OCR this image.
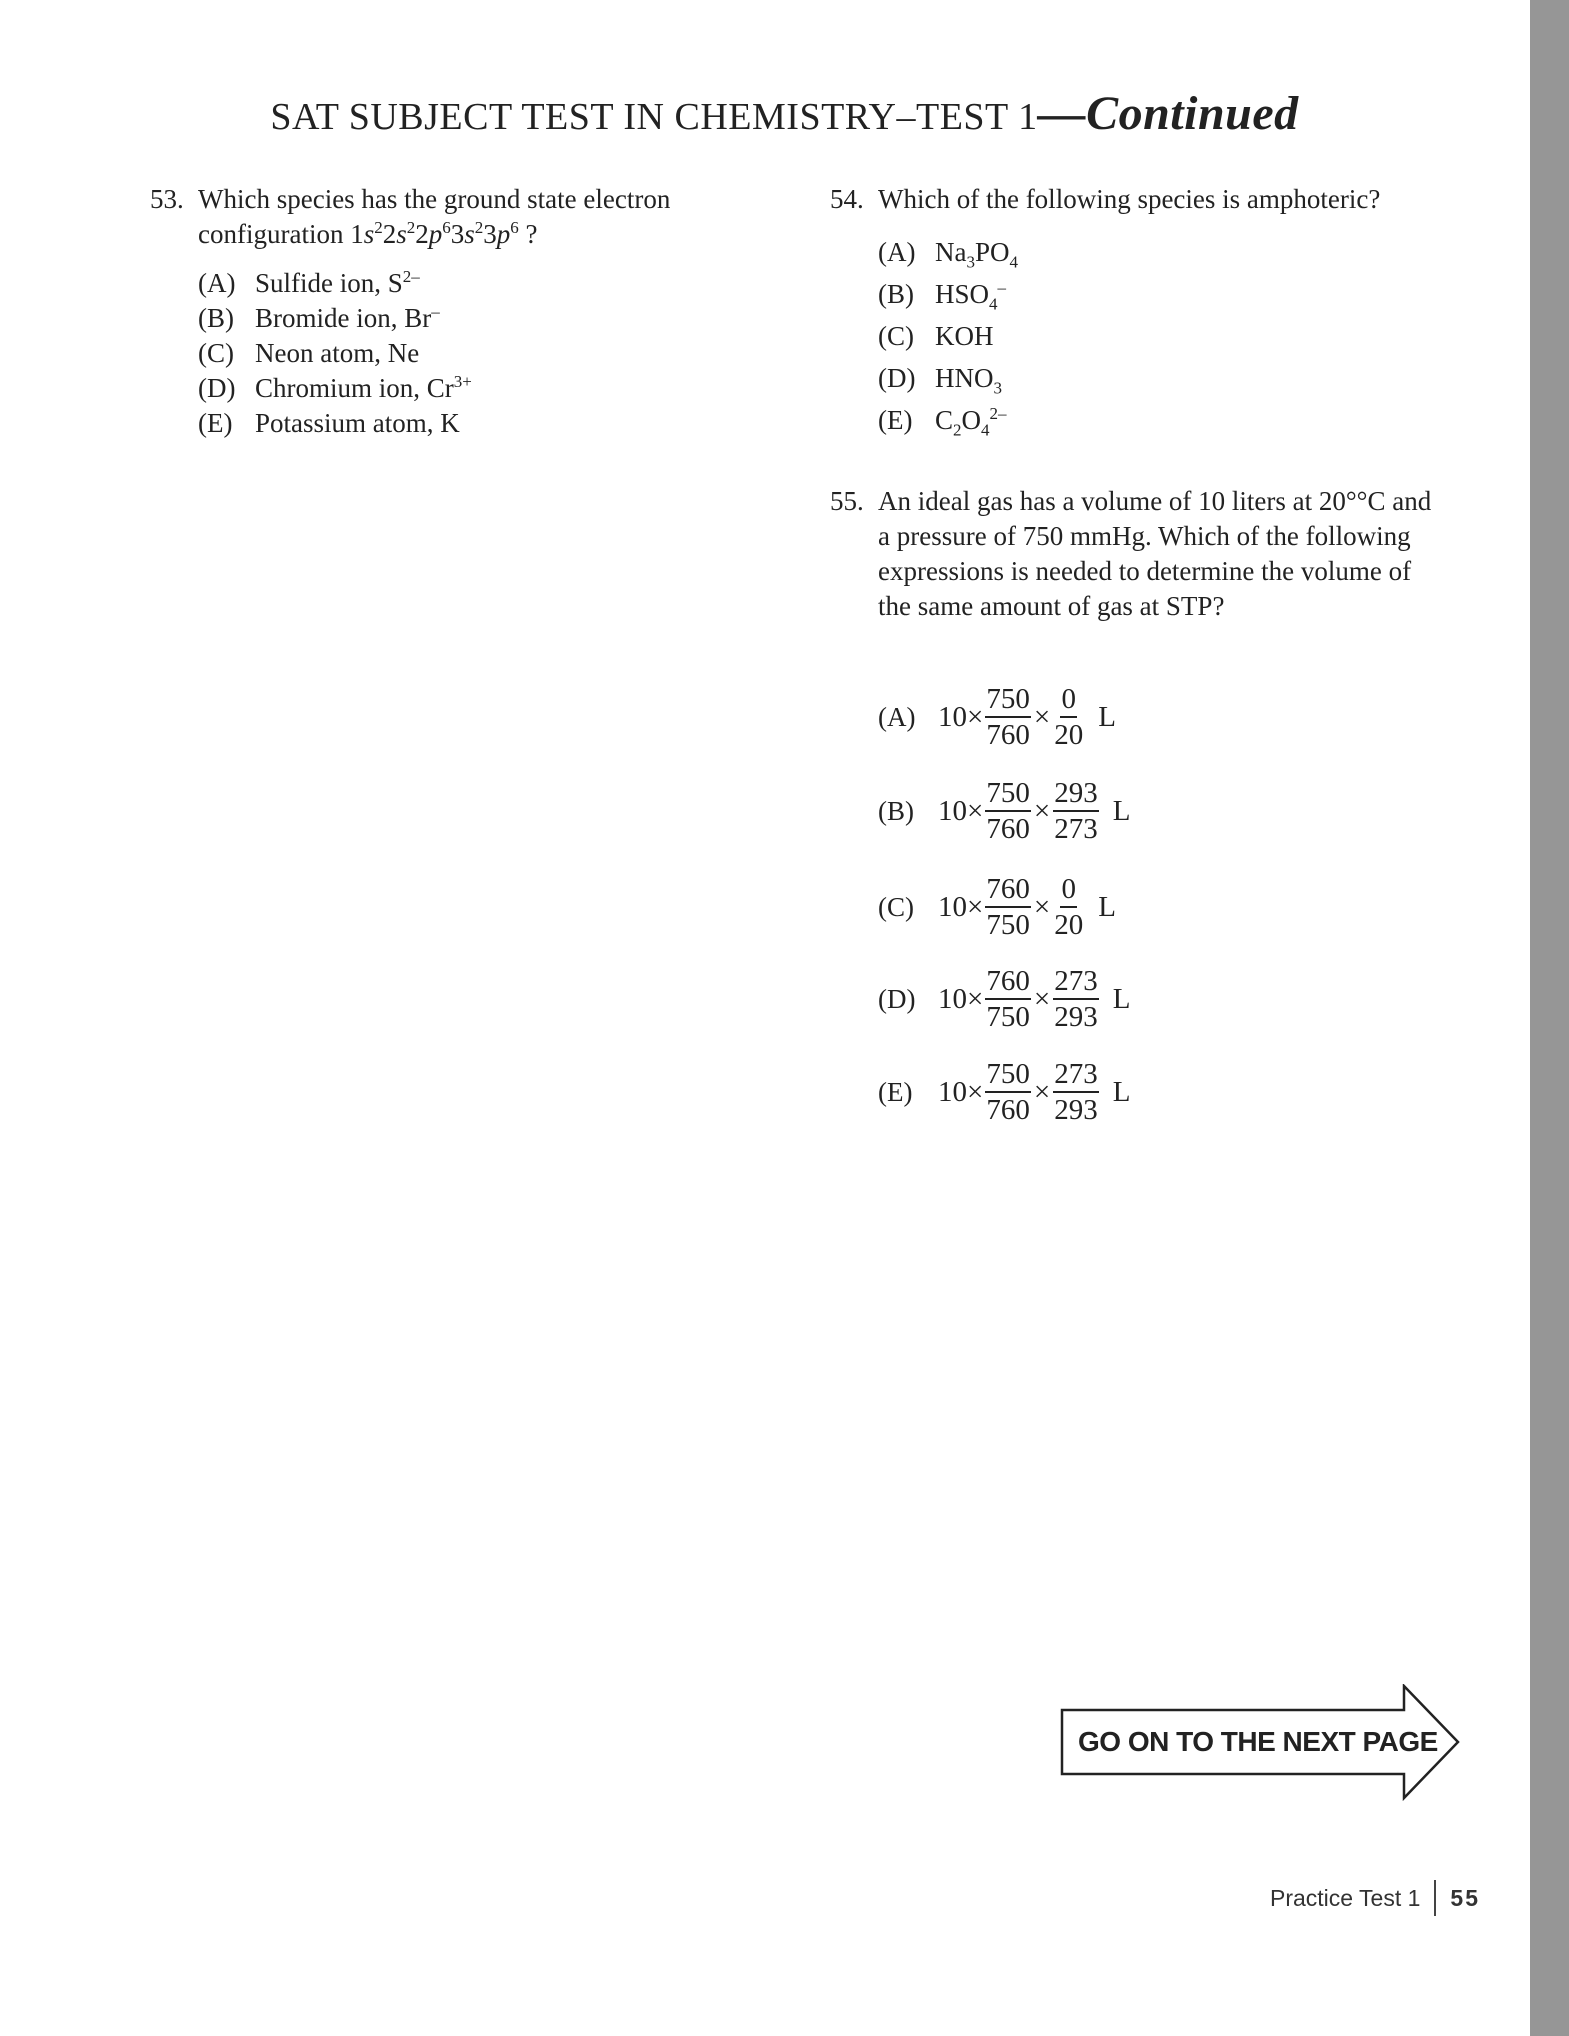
SAT SUBJECT TEST IN CHEMISTRY–TEST 1—Continued
53. Which species has the ground state electron
configuration $1s^22s^22p^63s^23p^6$ ?
(A) Sulfide ion, $S^{2-}$
(B) Bromide ion, Br–
(C) Neon atom, Ne
(D) Chromium ion, $Cr^{3+}$
(E) Potassium atom, K
54. Which of the following species is amphoteric?
(A) $Na_3PO_4$
(B) $HSO_4^-$
(C) KOH
(D) $HNO_3$
(E) $C_2O_4^{2-}$
55. An ideal gas has a volume of 10 liters at 20°°C and
a pressure of 750 mmHg. Which of the following
expressions is needed to determine the volume of
the same amount of gas at STP?
(A) $10\times \frac{750}{760} \times \frac{0}{20}$ L
(B) $10\times \frac{750}{760} \times \frac{293}{273}$ L
(C) $10\times \frac{760}{750} \times \frac{0}{20}$ L
(D) $10\times \frac{760}{750} \times \frac{273}{293}$ L
(E) $10\times \frac{750}{760} \times \frac{273}{293}$ L
GO ON TO THE NEXT PAGE
Practice Test 1 55
